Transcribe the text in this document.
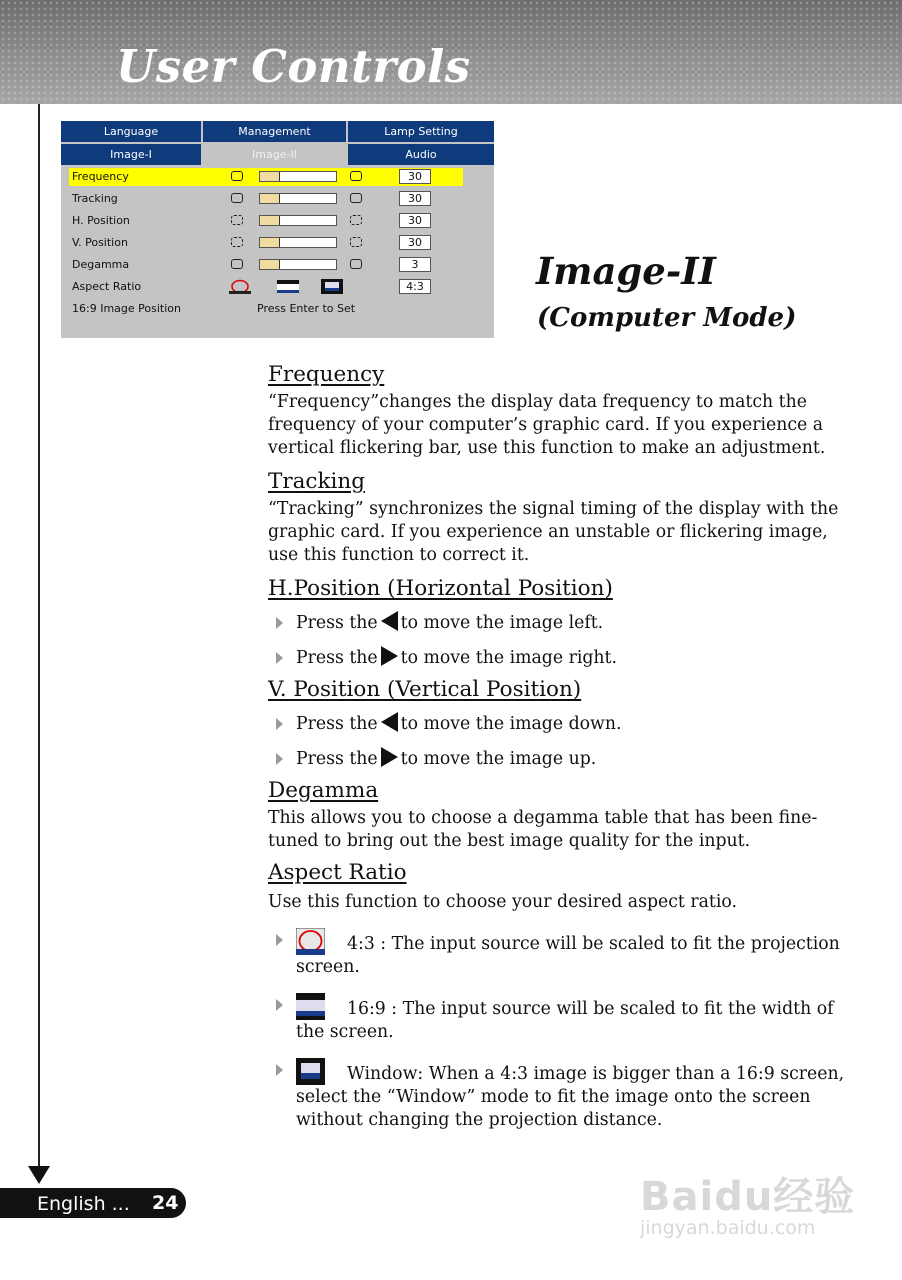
User Controls
Language	Management	Lamp Setting
Image-I	Image-II	Audio
Frequency	30
Tracking	30
H. Position	30
V. Position	30
Degamma	3
Aspect Ratio	4:3
16:9 Image Position	Press Enter to Set
Image-II
(Computer Mode)

Frequency

“Frequency”changes the display data frequency to match the frequency of your computer’s graphic card. If you experience a vertical flickering bar, use this function to make an adjustment.

Tracking

“Tracking” synchronizes the signal timing of the display with the graphic card. If you experience an unstable or flickering image, use this function to correct it.

H.Position (Horizontal Position)

Press the to move the image left.

Press the to move the image right.

V. Position (Vertical Position)

Press the to move the image down.

Press the to move the image up.

Degamma

This allows you to choose a degamma table that has been fine-tuned to bring out the best image quality for the input.

Aspect Ratio

Use this function to choose your desired aspect ratio.

4:3 : The input source will be scaled to fit the projection screen.

16:9 : The input source will be scaled to fit the width of the screen.

Window: When a 4:3 image is bigger than a 16:9 screen, select the “Window” mode to fit the image onto the screen without changing the projection distance.

English ... 24	Baidu经验
jingyan.baidu.com
